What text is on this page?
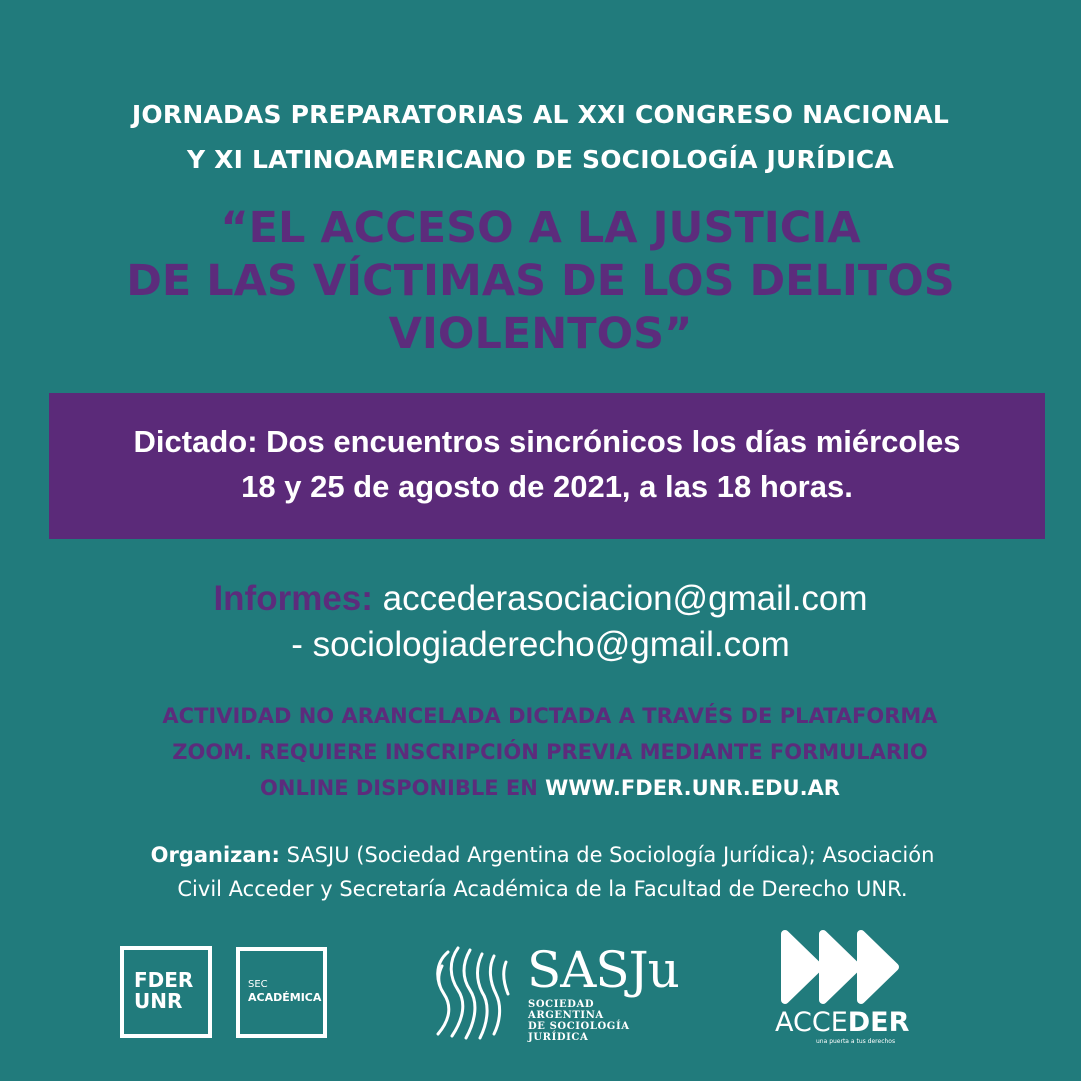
JORNADAS PREPARATORIAS AL XXI CONGRESO NACIONAL
Y XI LATINOAMERICANO DE SOCIOLOGÍA JURÍDICA
“EL ACCESO A LA JUSTICIA
DE LAS VÍCTIMAS DE LOS DELITOS
VIOLENTOS”
Dictado: Dos encuentros sincrónicos los días miércoles
18 y 25 de agosto de 2021, a las 18 horas.
Informes: accederasociacion@gmail.com
- sociologiaderecho@gmail.com
ACTIVIDAD NO ARANCELADA DICTADA A TRAVÉS DE PLATAFORMA
ZOOM. REQUIERE INSCRIPCIÓN PREVIA MEDIANTE FORMULARIO
ONLINE DISPONIBLE EN WWW.FDER.UNR.EDU.AR
Organizan: SASJU (Sociedad Argentina de Sociología Jurídica); Asociación
Civil Acceder y Secretaría Académica de la Facultad de Derecho UNR.
FDER
UNR
SEC
ACADÉMICA	SASJu
SOCIEDAD
ARGENTINA
DE SOCIOLOGÍA
JURÍDICA	ACCEDER
una puerta a tus derechos
